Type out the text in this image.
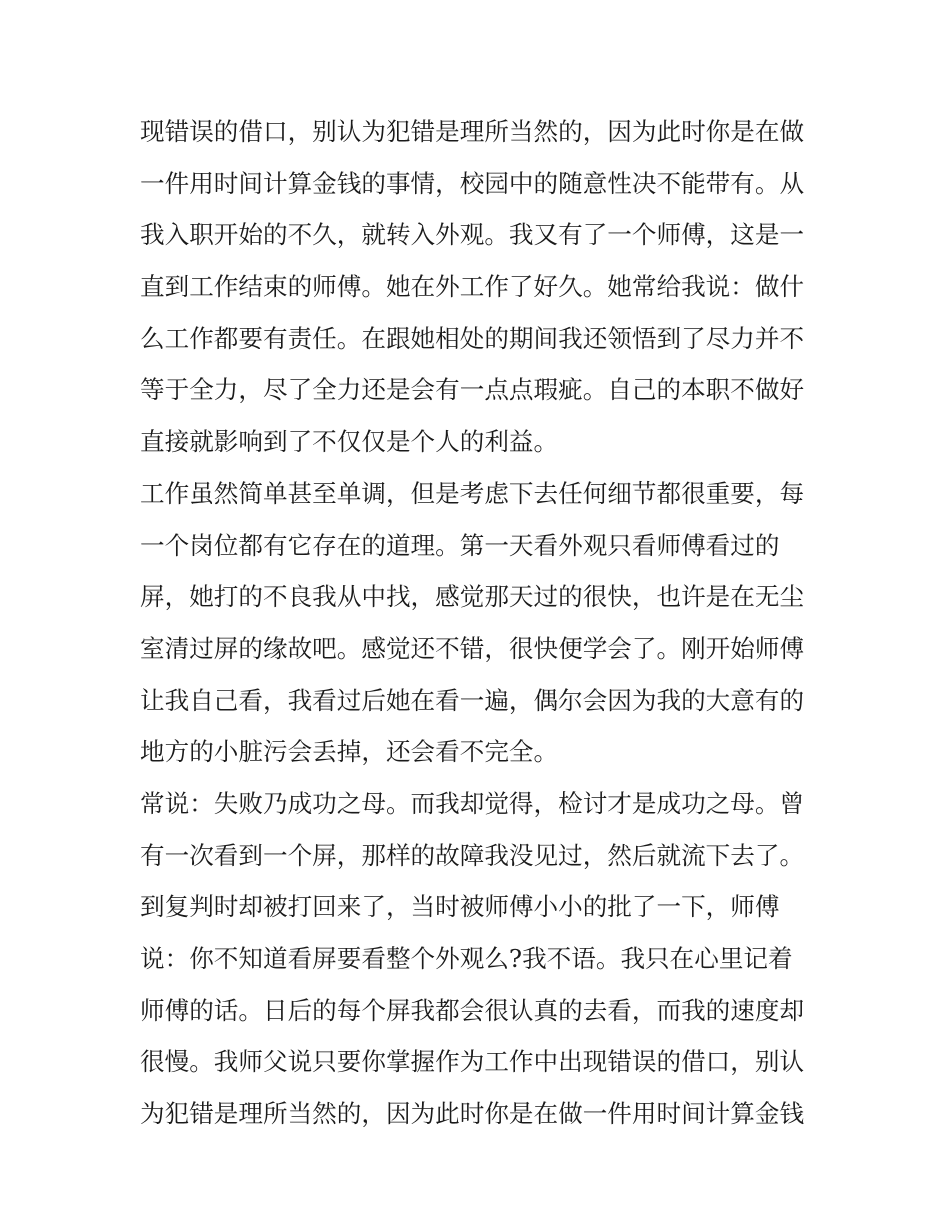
现错误的借口，别认为犯错是理所当然的，因为此时你是在做
一件用时间计算金钱的事情，校园中的随意性决不能带有。从
我入职开始的不久，就转入外观。我又有了一个师傅，这是一
直到工作结束的师傅。她在外工作了好久。她常给我说：做什
么工作都要有责任。在跟她相处的期间我还领悟到了尽力并不
等于全力，尽了全力还是会有一点点瑕疵。自己的本职不做好
直接就影响到了不仅仅是个人的利益。
工作虽然简单甚至单调，但是考虑下去任何细节都很重要，每
一个岗位都有它存在的道理。第一天看外观只看师傅看过的
屏，她打的不良我从中找，感觉那天过的很快，也许是在无尘
室清过屏的缘故吧。感觉还不错，很快便学会了。刚开始师傅
让我自己看，我看过后她在看一遍，偶尔会因为我的大意有的
地方的小脏污会丢掉，还会看不完全。
常说：失败乃成功之母。而我却觉得，检讨才是成功之母。曾
有一次看到一个屏，那样的故障我没见过，然后就流下去了。
到复判时却被打回来了，当时被师傅小小的批了一下，师傅
说：你不知道看屏要看整个外观么?我不语。我只在心里记着
师傅的话。日后的每个屏我都会很认真的去看，而我的速度却
很慢。我师父说只要你掌握作为工作中出现错误的借口，别认
为犯错是理所当然的，因为此时你是在做一件用时间计算金钱
